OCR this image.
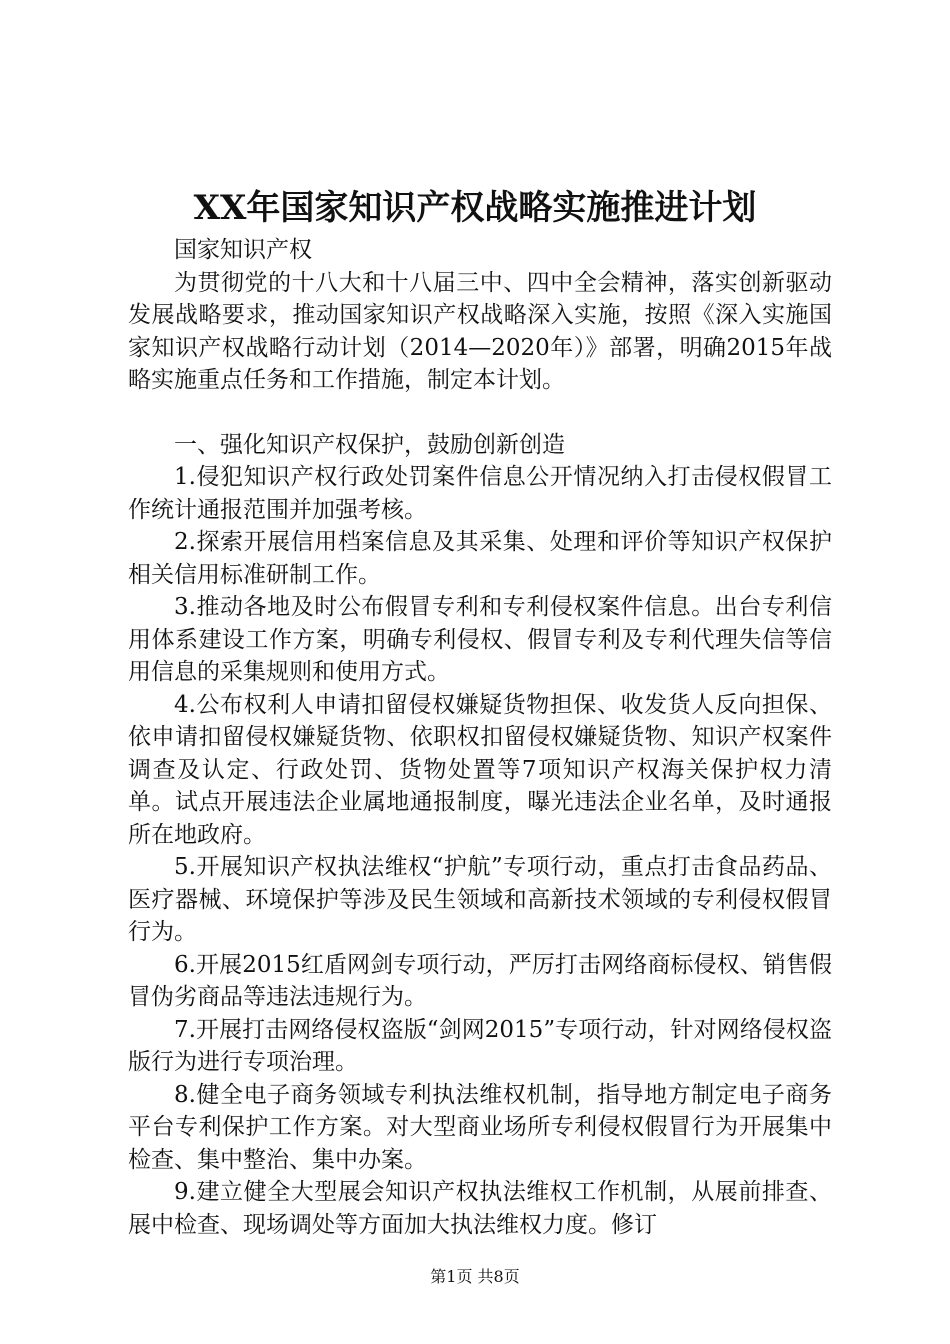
XX年国家知识产权战略实施推进计划

国家知识产权

为贯彻党的十八大和十八届三中、四中全会精神，落实创新驱动发展战略要求，推动国家知识产权战略深入实施，按照《深入实施国家知识产权战略行动计划（2014—2020年）》部署，明确2015年战略实施重点任务和工作措施，制定本计划。

一、强化知识产权保护，鼓励创新创造

1.侵犯知识产权行政处罚案件信息公开情况纳入打击侵权假冒工作统计通报范围并加强考核。

2.探索开展信用档案信息及其采集、处理和评价等知识产权保护相关信用标准研制工作。

3.推动各地及时公布假冒专利和专利侵权案件信息。出台专利信用体系建设工作方案，明确专利侵权、假冒专利及专利代理失信等信用信息的采集规则和使用方式。

4.公布权利人申请扣留侵权嫌疑货物担保、收发货人反向担保、依申请扣留侵权嫌疑货物、依职权扣留侵权嫌疑货物、知识产权案件调查及认定、行政处罚、货物处置等7项知识产权海关保护权力清单。试点开展违法企业属地通报制度，曝光违法企业名单，及时通报所在地政府。

5.开展知识产权执法维权“护航”专项行动，重点打击食品药品、医疗器械、环境保护等涉及民生领域和高新技术领域的专利侵权假冒行为。

6.开展2015红盾网剑专项行动，严厉打击网络商标侵权、销售假冒伪劣商品等违法违规行为。

7.开展打击网络侵权盗版“剑网2015”专项行动，针对网络侵权盗版行为进行专项治理。

8.健全电子商务领域专利执法维权机制，指导地方制定电子商务平台专利保护工作方案。对大型商业场所专利侵权假冒行为开展集中检查、集中整治、集中办案。

9.建立健全大型展会知识产权执法维权工作机制，从展前排查、展中检查、现场调处等方面加大执法维权力度。修订

第1页 共8页
